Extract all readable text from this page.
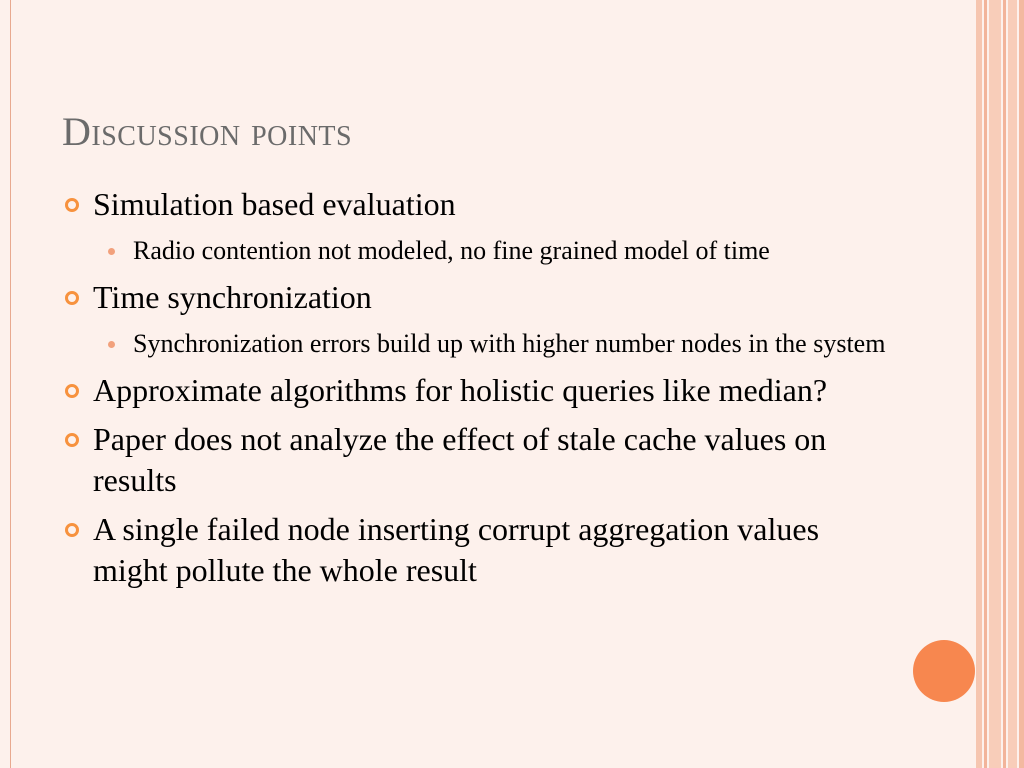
Discussion points
Simulation based evaluation
Radio contention not modeled, no fine grained model of time
Time synchronization
Synchronization errors build up with higher number nodes in the system
Approximate algorithms for holistic queries like median?
Paper does not analyze the effect of stale cache values on results
A single failed node inserting corrupt aggregation values might pollute the whole result
